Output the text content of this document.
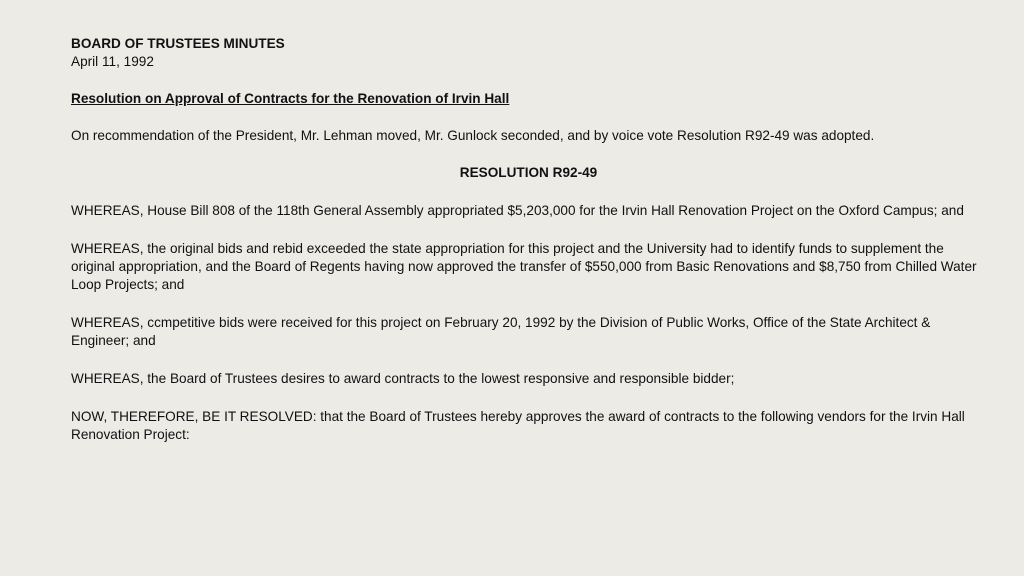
BOARD OF TRUSTEES MINUTES

April 11, 1992

Resolution on Approval of Contracts for the Renovation of Irvin Hall

On recommendation of the President, Mr. Lehman moved, Mr. Gunlock seconded, and by voice vote Resolution R92-49 was adopted.

RESOLUTION R92-49

WHEREAS, House Bill 808 of the 118th General Assembly appropriated $5,203,000 for the Irvin Hall Renovation Project on the Oxford Campus; and

WHEREAS, the original bids and rebid exceeded the state appropriation for this project and the University had to identify funds to supplement the original appropriation, and the Board of Regents having now approved the transfer of $550,000 from Basic Renovations and $8,750 from Chilled Water Loop Projects; and

WHEREAS, ccmpetitive bids were received for this project on February 20, 1992 by the Division of Public Works, Office of the State Architect & Engineer; and

WHEREAS, the Board of Trustees desires to award contracts to the lowest responsive and responsible bidder;

NOW, THEREFORE, BE IT RESOLVED: that the Board of Trustees hereby approves the award of contracts to the following vendors for the Irvin Hall Renovation Project:
